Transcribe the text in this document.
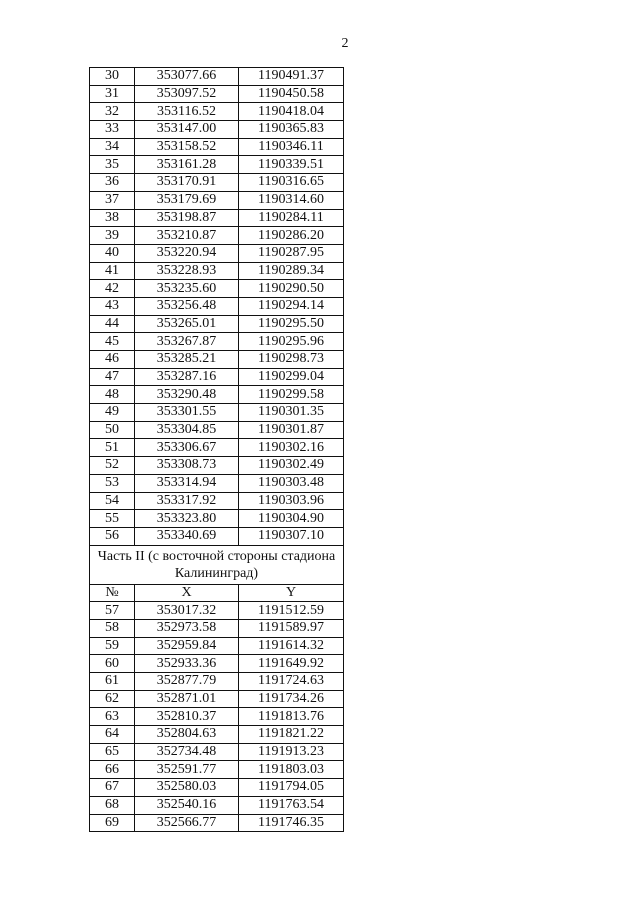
2
30	353077.66	1190491.37
31	353097.52	1190450.58
32	353116.52	1190418.04
33	353147.00	1190365.83
34	353158.52	1190346.11
35	353161.28	1190339.51
36	353170.91	1190316.65
37	353179.69	1190314.60
38	353198.87	1190284.11
39	353210.87	1190286.20
40	353220.94	1190287.95
41	353228.93	1190289.34
42	353235.60	1190290.50
43	353256.48	1190294.14
44	353265.01	1190295.50
45	353267.87	1190295.96
46	353285.21	1190298.73
47	353287.16	1190299.04
48	353290.48	1190299.58
49	353301.55	1190301.35
50	353304.85	1190301.87
51	353306.67	1190302.16
52	353308.73	1190302.49
53	353314.94	1190303.48
54	353317.92	1190303.96
55	353323.80	1190304.90
56	353340.69	1190307.10
Часть II (с восточной стороны стадиона Калининград)		
№	X	Y
57	353017.32	1191512.59
58	352973.58	1191589.97
59	352959.84	1191614.32
60	352933.36	1191649.92
61	352877.79	1191724.63
62	352871.01	1191734.26
63	352810.37	1191813.76
64	352804.63	1191821.22
65	352734.48	1191913.23
66	352591.77	1191803.03
67	352580.03	1191794.05
68	352540.16	1191763.54
69	352566.77	1191746.35
